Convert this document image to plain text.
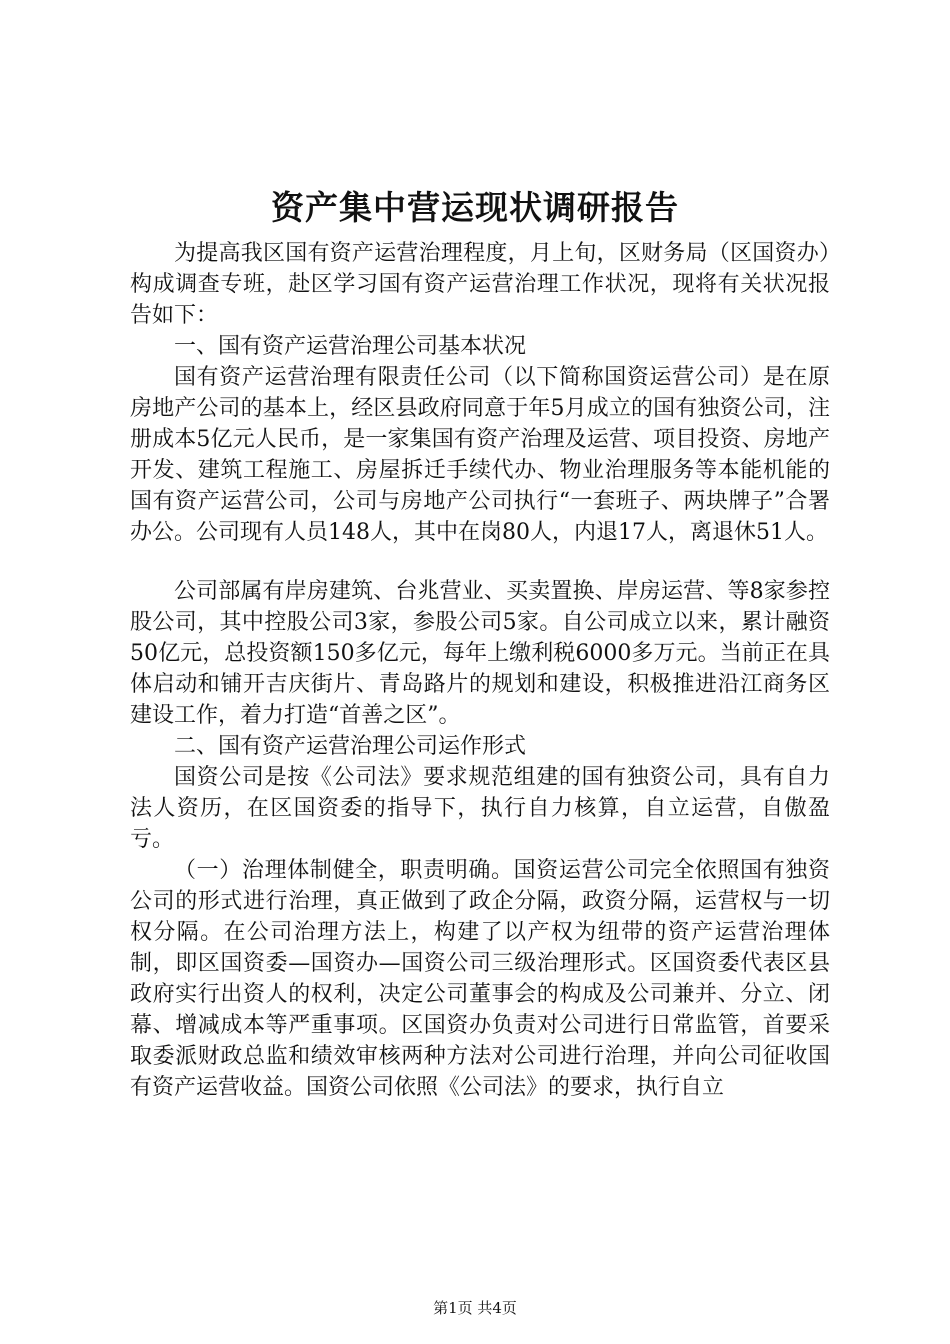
资产集中营运现状调研报告

为提高我区国有资产运营治理程度，月上旬，区财务局（区国资办）构成调查专班，赴区学习国有资产运营治理工作状况，现将有关状况报告如下：

一、国有资产运营治理公司基本状况

国有资产运营治理有限责任公司（以下简称国资运营公司）是在原房地产公司的基本上，经区县政府同意于年5月成立的国有独资公司，注册成本5亿元人民币，是一家集国有资产治理及运营、项目投资、房地产开发、建筑工程施工、房屋拆迁手续代办、物业治理服务等本能机能的国有资产运营公司，公司与房地产公司执行“一套班子、两块牌子”合署办公。公司现有人员148人，其中在岗80人，内退17人，离退休51人。

公司部属有岸房建筑、台兆营业、买卖置换、岸房运营、等8家参控股公司，其中控股公司3家，参股公司5家。自公司成立以来，累计融资50亿元，总投资额150多亿元，每年上缴利税6000多万元。当前正在具体启动和铺开吉庆街片、青岛路片的规划和建设，积极推进沿江商务区建设工作，着力打造“首善之区”。

二、国有资产运营治理公司运作形式

国资公司是按《公司法》要求规范组建的国有独资公司，具有自力法人资历，在区国资委的指导下，执行自力核算，自立运营，自傲盈亏。

（一）治理体制健全，职责明确。国资运营公司完全依照国有独资公司的形式进行治理，真正做到了政企分隔，政资分隔，运营权与一切权分隔。在公司治理方法上，构建了以产权为纽带的资产运营治理体制，即区国资委—国资办—国资公司三级治理形式。区国资委代表区县政府实行出资人的权利，决定公司董事会的构成及公司兼并、分立、闭幕、增减成本等严重事项。区国资办负责对公司进行日常监管，首要采取委派财政总监和绩效审核两种方法对公司进行治理，并向公司征收国有资产运营收益。国资公司依照《公司法》的要求，执行自立

第1页 共4页
